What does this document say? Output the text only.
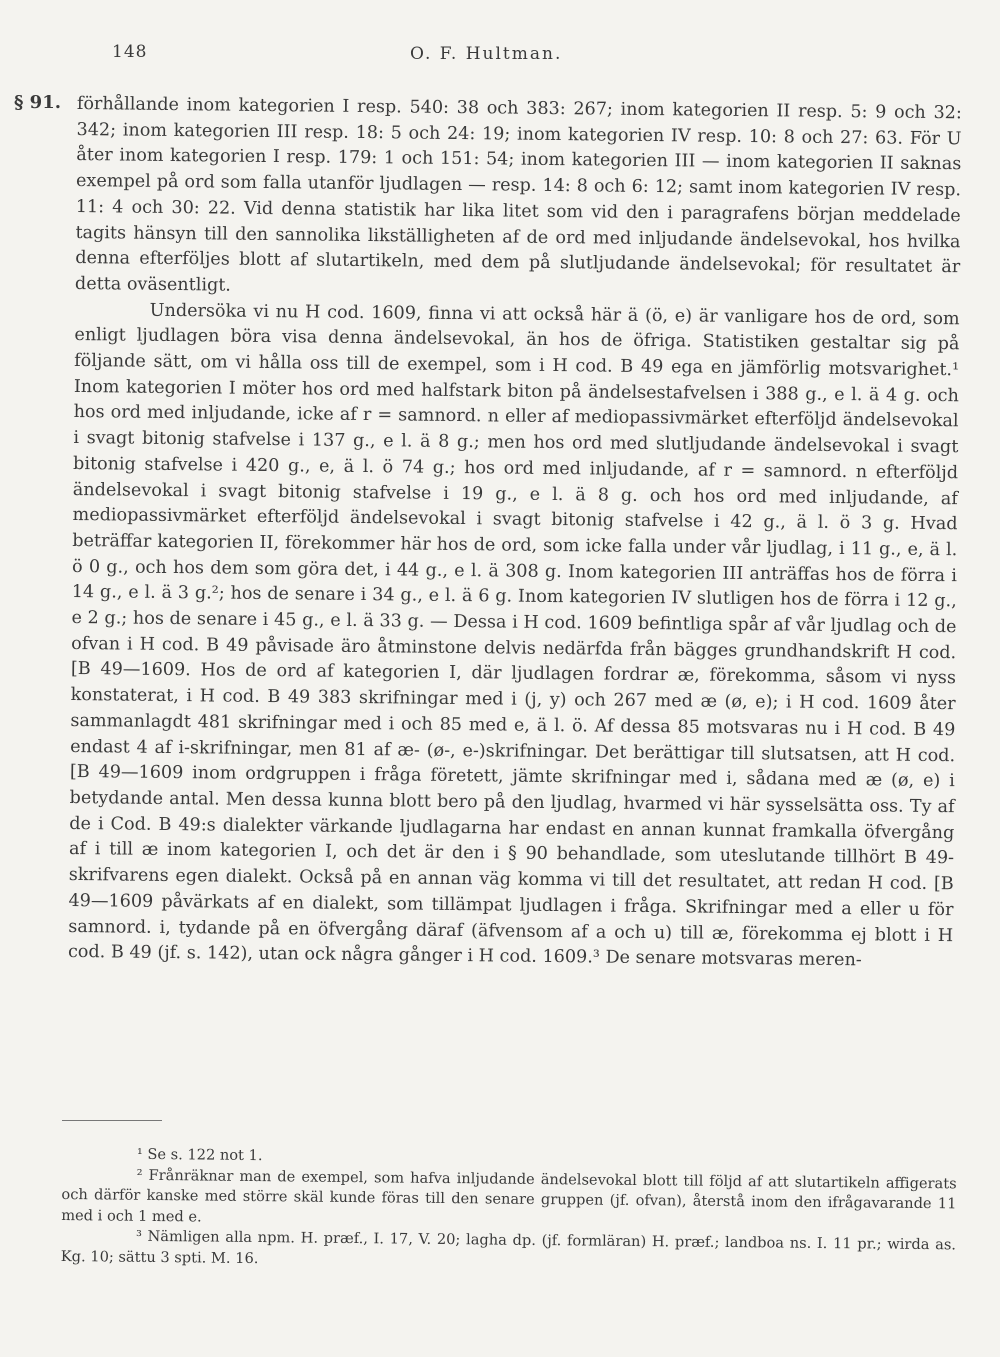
148	O. F. Hultman.
§ 91. förhållande inom kategorien I resp. 540: 38 och 383: 267; inom kategorien II resp. 5: 9 och 32: 342; inom kategorien III resp. 18: 5 och 24: 19; inom kategorien IV resp. 10: 8 och 27: 63. För U åter inom kategorien I resp. 179: 1 och 151: 54; inom kategorien III — inom kategorien II saknas exempel på ord som falla utanför ljudlagen — resp. 14: 8 och 6: 12; samt inom kategorien IV resp. 11: 4 och 30: 22. Vid denna statistik har lika litet som vid den i paragrafens början meddelade tagits hänsyn till den sannolika likställigheten af de ord med inljudande ändelsevokal, hos hvilka denna efterföljes blott af slutartikeln, med dem på slutljudande ändelsevokal; för resultatet är detta oväsentligt.

Undersöka vi nu H cod. 1609, finna vi att också här ä (ö, e) är vanligare hos de ord, som enligt ljudlagen böra visa denna ändelsevokal, än hos de öfriga. Statistiken gestaltar sig på följande sätt, om vi hålla oss till de exempel, som i H cod. B 49 ega en jämförlig motsvarighet.¹ Inom kategorien I möter hos ord med halfstark biton på ändelsestafvelsen i 388 g., e l. ä 4 g. och hos ord med inljudande, icke af r = samnord. n eller af mediopassivmärket efterföljd ändelsevokal i svagt bitonig stafvelse i 137 g., e l. ä 8 g.; men hos ord med slutljudande ändelsevokal i svagt bitonig stafvelse i 420 g., e, ä l. ö 74 g.; hos ord med inljudande, af r = samnord. n efterföljd ändelsevokal i svagt bitonig stafvelse i 19 g., e l. ä 8 g. och hos ord med inljudande, af mediopassivmärket efterföljd ändelsevokal i svagt bitonig stafvelse i 42 g., ä l. ö 3 g. Hvad beträffar kategorien II, förekommer här hos de ord, som icke falla under vår ljudlag, i 11 g., e, ä l. ö 0 g., och hos dem som göra det, i 44 g., e l. ä 308 g. Inom kategorien III anträffas hos de förra i 14 g., e l. ä 3 g.²; hos de senare i 34 g., e l. ä 6 g. Inom kategorien IV slutligen hos de förra i 12 g., e 2 g.; hos de senare i 45 g., e l. ä 33 g. — Dessa i H cod. 1609 befintliga spår af vår ljudlag och de ofvan i H cod. B 49 påvisade äro åtminstone delvis nedärfda från bägges grundhandskrift H cod. [B 49—1609. Hos de ord af kategorien I, där ljudlagen fordrar æ, förekomma, såsom vi nyss konstaterat, i H cod. B 49 383 skrifningar med i (j, y) och 267 med æ (ø, e); i H cod. 1609 åter sammanlagdt 481 skrifningar med i och 85 med e, ä l. ö. Af dessa 85 motsvaras nu i H cod. B 49 endast 4 af i-skrifningar, men 81 af æ- (ø-, e-)skrifningar. Det berättigar till slutsatsen, att H cod. [B 49—1609 inom ordgruppen i fråga företett, jämte skrifningar med i, sådana med æ (ø, e) i betydande antal. Men dessa kunna blott bero på den ljudlag, hvarmed vi här sysselsätta oss. Ty af de i Cod. B 49:s dialekter värkande ljudlagarna har endast en annan kunnat framkalla öfvergång af i till æ inom kategorien I, och det är den i § 90 behandlade, som uteslutande tillhört B 49-skrifvarens egen dialekt. Också på en annan väg komma vi till det resultatet, att redan H cod. [B 49—1609 påvärkats af en dialekt, som tillämpat ljudlagen i fråga. Skrifningar med a eller u för samnord. i, tydande på en öfvergång däraf (äfvensom af a och u) till æ, förekomma ej blott i H cod. B 49 (jf. s. 142), utan ock några gånger i H cod. 1609.³ De senare motsvaras meren-

¹ Se s. 122 not 1.

² Frånräknar man de exempel, som hafva inljudande ändelsevokal blott till följd af att slutartikeln affigerats och därför kanske med större skäl kunde föras till den senare gruppen (jf. ofvan), återstå inom den ifrågavarande 11 med i och 1 med e.

³ Nämligen alla npm. H. præf., I. 17, V. 20; lagha dp. (jf. formläran) H. præf.; landboa ns. I. 11 pr.; wirda as. Kg. 10; sättu 3 spti. M. 16.
